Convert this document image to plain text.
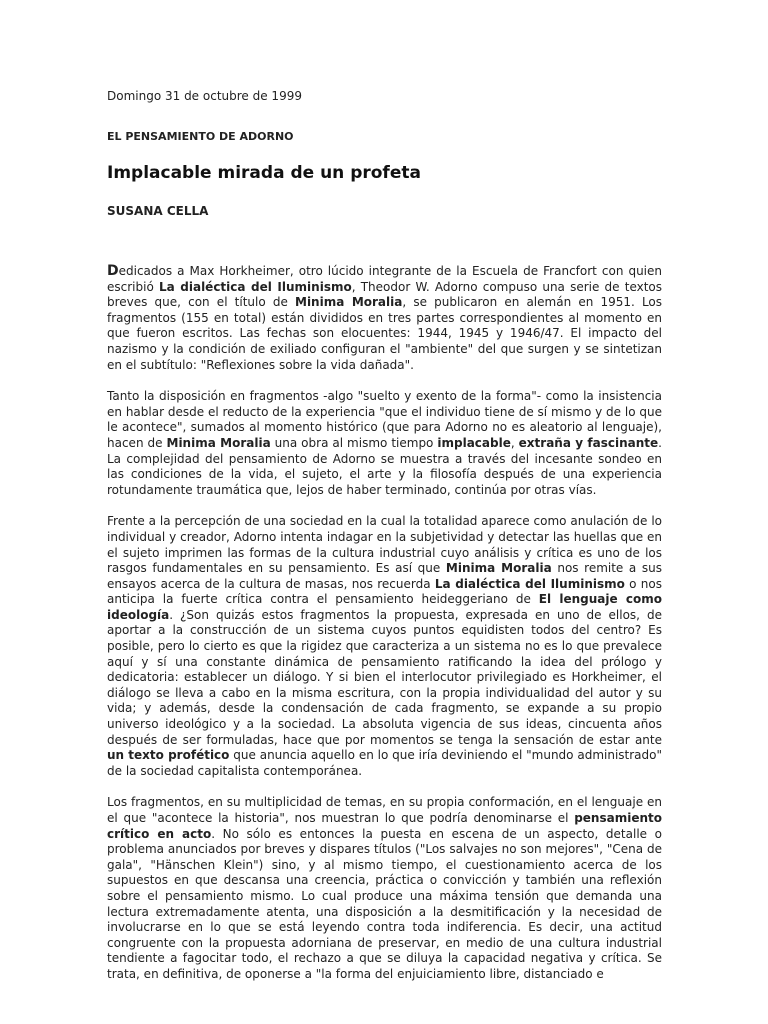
Domingo 31 de octubre de 1999
EL PENSAMIENTO DE ADORNO
Implacable mirada de un profeta
SUSANA CELLA

Dedicados a Max Horkheimer, otro lúcido integrante de la Escuela de Francfort con quien escribió La dialéctica del Iluminismo, Theodor W. Adorno compuso una serie de textos breves que, con el título de Minima Moralia, se publicaron en alemán en 1951. Los fragmentos (155 en total) están divididos en tres partes correspondientes al momento en que fueron escritos. Las fechas son elocuentes: 1944, 1945 y 1946/47. El impacto del nazismo y la condición de exiliado configuran el "ambiente" del que surgen y se sintetizan en el subtítulo: "Reflexiones sobre la vida dañada".

Tanto la disposición en fragmentos -algo "suelto y exento de la forma"- como la insistencia en hablar desde el reducto de la experiencia "que el individuo tiene de sí mismo y de lo que le acontece", sumados al momento histórico (que para Adorno no es aleatorio al lenguaje), hacen de Minima Moralia una obra al mismo tiempo implacable, extraña y fascinante. La complejidad del pensamiento de Adorno se muestra a través del incesante sondeo en las condiciones de la vida, el sujeto, el arte y la filosofía después de una experiencia rotundamente traumática que, lejos de haber terminado, continúa por otras vías.

Frente a la percepción de una sociedad en la cual la totalidad aparece como anulación de lo individual y creador, Adorno intenta indagar en la subjetividad y detectar las huellas que en el sujeto imprimen las formas de la cultura industrial cuyo análisis y crítica es uno de los rasgos fundamentales en su pensamiento. Es así que Minima Moralia nos remite a sus ensayos acerca de la cultura de masas, nos recuerda La dialéctica del Iluminismo o nos anticipa la fuerte crítica contra el pensamiento heideggeriano de El lenguaje como ideología. ¿Son quizás estos fragmentos la propuesta, expresada en uno de ellos, de aportar a la construcción de un sistema cuyos puntos equidisten todos del centro? Es posible, pero lo cierto es que la rigidez que caracteriza a un sistema no es lo que prevalece aquí y sí una constante dinámica de pensamiento ratificando la idea del prólogo y dedicatoria: establecer un diálogo. Y si bien el interlocutor privilegiado es Horkheimer, el diálogo se lleva a cabo en la misma escritura, con la propia individualidad del autor y su vida; y además, desde la condensación de cada fragmento, se expande a su propio universo ideológico y a la sociedad. La absoluta vigencia de sus ideas, cincuenta años después de ser formuladas, hace que por momentos se tenga la sensación de estar ante un texto profético que anuncia aquello en lo que iría deviniendo el "mundo administrado" de la sociedad capitalista contemporánea.

Los fragmentos, en su multiplicidad de temas, en su propia conformación, en el lenguaje en el que "acontece la historia", nos muestran lo que podría denominarse el pensamiento crítico en acto. No sólo es entonces la puesta en escena de un aspecto, detalle o problema anunciados por breves y dispares títulos ("Los salvajes no son mejores", "Cena de gala", "Hänschen Klein") sino, y al mismo tiempo, el cuestionamiento acerca de los supuestos en que descansa una creencia, práctica o convicción y también una reflexión sobre el pensamiento mismo. Lo cual produce una máxima tensión que demanda una lectura extremadamente atenta, una disposición a la desmitificación y la necesidad de involucrarse en lo que se está leyendo contra toda indiferencia. Es decir, una actitud congruente con la propuesta adorniana de preservar, en medio de una cultura industrial tendiente a fagocitar todo, el rechazo a que se diluya la capacidad negativa y crítica. Se trata, en definitiva, de oponerse a "la forma del enjuiciamiento libre, distanciado e
